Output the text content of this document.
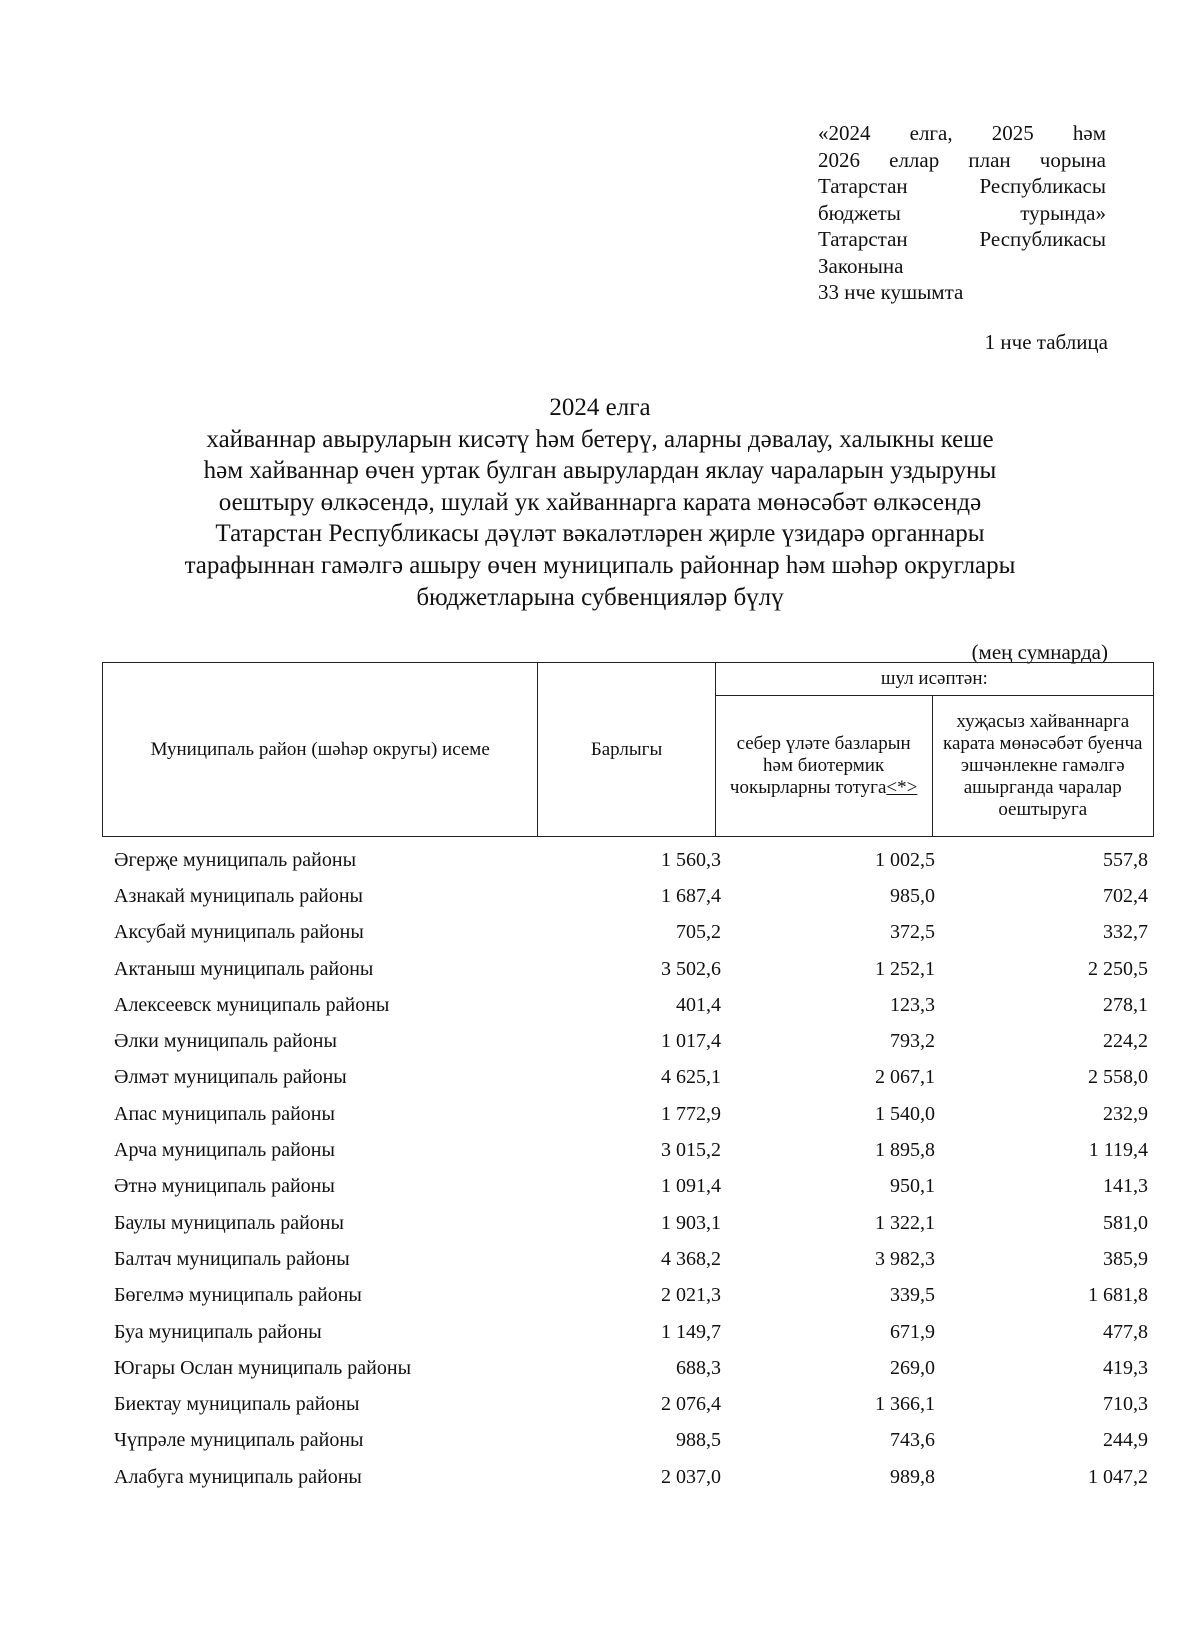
«2024 елга, 2025 һәм
2026 еллар план чорына
Татарстан Республикасы
бюджеты турында»
Татарстан Республикасы
Законына
33 нче кушымта
1 нче таблица
2024 елга
хайваннар авыруларын кисәтү һәм бетерү, аларны дәвалау, халыкны кеше
һәм хайваннар өчен уртак булган авырулардан яклау чараларын уздыруны
оештыру өлкәсендә, шулай ук хайваннарга карата мөнәсәбәт өлкәсендә
Татарстан Республикасы дәүләт вәкаләтләрен җирле үзидарә органнары
тарафыннан гамәлгә ашыру өчен муниципаль районнар һәм шәһәр округлары
бюджетларына субвенцияләр бүлү
(мең сумнарда)
Муниципаль район (шәһәр округы) исеме	Барлыгы	шул исәптән:	
		себер үләте базларын һәм биотермик чокырларны тотуга<*>	хуҗасыз хайваннарга карата мөнәсәбәт буенча эшчәнлекне гамәлгә ашырганда чаралар оештыруга
Әгерҗе муниципаль районы	1 560,3	1 002,5	557,8
Азнакай муниципаль районы	1 687,4	985,0	702,4
Аксубай муниципаль районы	705,2	372,5	332,7
Актаныш муниципаль районы	3 502,6	1 252,1	2 250,5
Алексеевск муниципаль районы	401,4	123,3	278,1
Әлки муниципаль районы	1 017,4	793,2	224,2
Әлмәт муниципаль районы	4 625,1	2 067,1	2 558,0
Апас муниципаль районы	1 772,9	1 540,0	232,9
Арча муниципаль районы	3 015,2	1 895,8	1 119,4
Әтнә муниципаль районы	1 091,4	950,1	141,3
Баулы муниципаль районы	1 903,1	1 322,1	581,0
Балтач муниципаль районы	4 368,2	3 982,3	385,9
Бөгелмә муниципаль районы	2 021,3	339,5	1 681,8
Буа муниципаль районы	1 149,7	671,9	477,8
Югары Ослан муниципаль районы	688,3	269,0	419,3
Биектау муниципаль районы	2 076,4	1 366,1	710,3
Чүпрәле муниципаль районы	988,5	743,6	244,9
Алабуга муниципаль районы	2 037,0	989,8	1 047,2
